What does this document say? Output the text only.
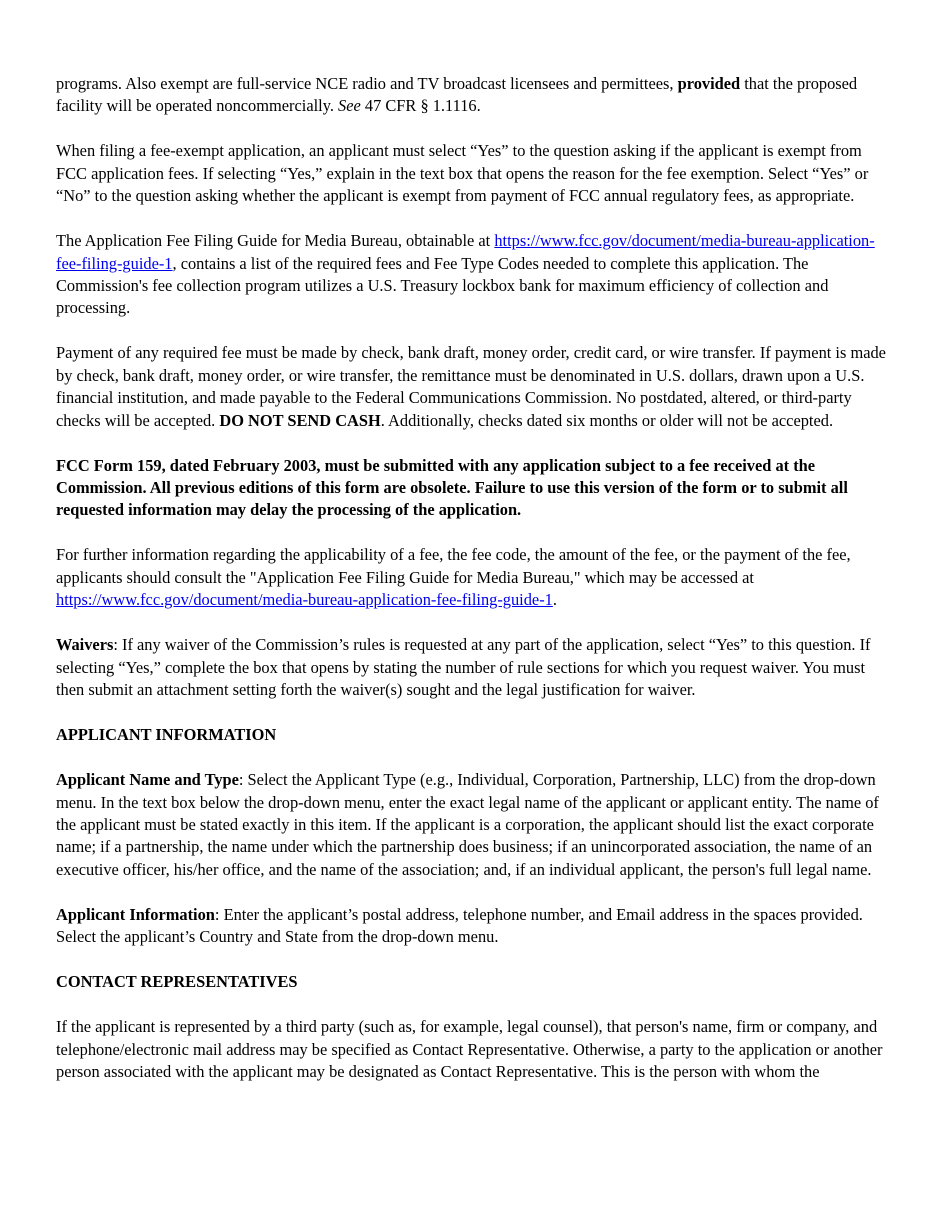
programs. Also exempt are full-service NCE radio and TV broadcast licensees and permittees, provided that the proposed facility will be operated noncommercially. See 47 CFR § 1.1116.

When filing a fee-exempt application, an applicant must select “Yes” to the question asking if the applicant is exempt from FCC application fees. If selecting “Yes,” explain in the text box that opens the reason for the fee exemption. Select “Yes” or “No” to the question asking whether the applicant is exempt from payment of FCC annual regulatory fees, as appropriate.

The Application Fee Filing Guide for Media Bureau, obtainable at https://www.fcc.gov/document/media-bureau-application-fee-filing-guide-1, contains a list of the required fees and Fee Type Codes needed to complete this application. The Commission's fee collection program utilizes a U.S. Treasury lockbox bank for maximum efficiency of collection and processing.

Payment of any required fee must be made by check, bank draft, money order, credit card, or wire transfer. If payment is made by check, bank draft, money order, or wire transfer, the remittance must be denominated in U.S. dollars, drawn upon a U.S. financial institution, and made payable to the Federal Communications Commission. No postdated, altered, or third-party checks will be accepted. DO NOT SEND CASH. Additionally, checks dated six months or older will not be accepted.

FCC Form 159, dated February 2003, must be submitted with any application subject to a fee received at the Commission. All previous editions of this form are obsolete. Failure to use this version of the form or to submit all requested information may delay the processing of the application.

For further information regarding the applicability of a fee, the fee code, the amount of the fee, or the payment of the fee, applicants should consult the "Application Fee Filing Guide for Media Bureau," which may be accessed at https://www.fcc.gov/document/media-bureau-application-fee-filing-guide-1.

Waivers: If any waiver of the Commission’s rules is requested at any part of the application, select “Yes” to this question. If selecting “Yes,” complete the box that opens by stating the number of rule sections for which you request waiver. You must then submit an attachment setting forth the waiver(s) sought and the legal justification for waiver.

APPLICANT INFORMATION

Applicant Name and Type: Select the Applicant Type (e.g., Individual, Corporation, Partnership, LLC) from the drop-down menu. In the text box below the drop-down menu, enter the exact legal name of the applicant or applicant entity. The name of the applicant must be stated exactly in this item. If the applicant is a corporation, the applicant should list the exact corporate name; if a partnership, the name under which the partnership does business; if an unincorporated association, the name of an executive officer, his/her office, and the name of the association; and, if an individual applicant, the person's full legal name.

Applicant Information: Enter the applicant’s postal address, telephone number, and Email address in the spaces provided. Select the applicant’s Country and State from the drop-down menu.

CONTACT REPRESENTATIVES

If the applicant is represented by a third party (such as, for example, legal counsel), that person's name, firm or company, and telephone/electronic mail address may be specified as Contact Representative. Otherwise, a party to the application or another person associated with the applicant may be designated as Contact Representative. This is the person with whom the
